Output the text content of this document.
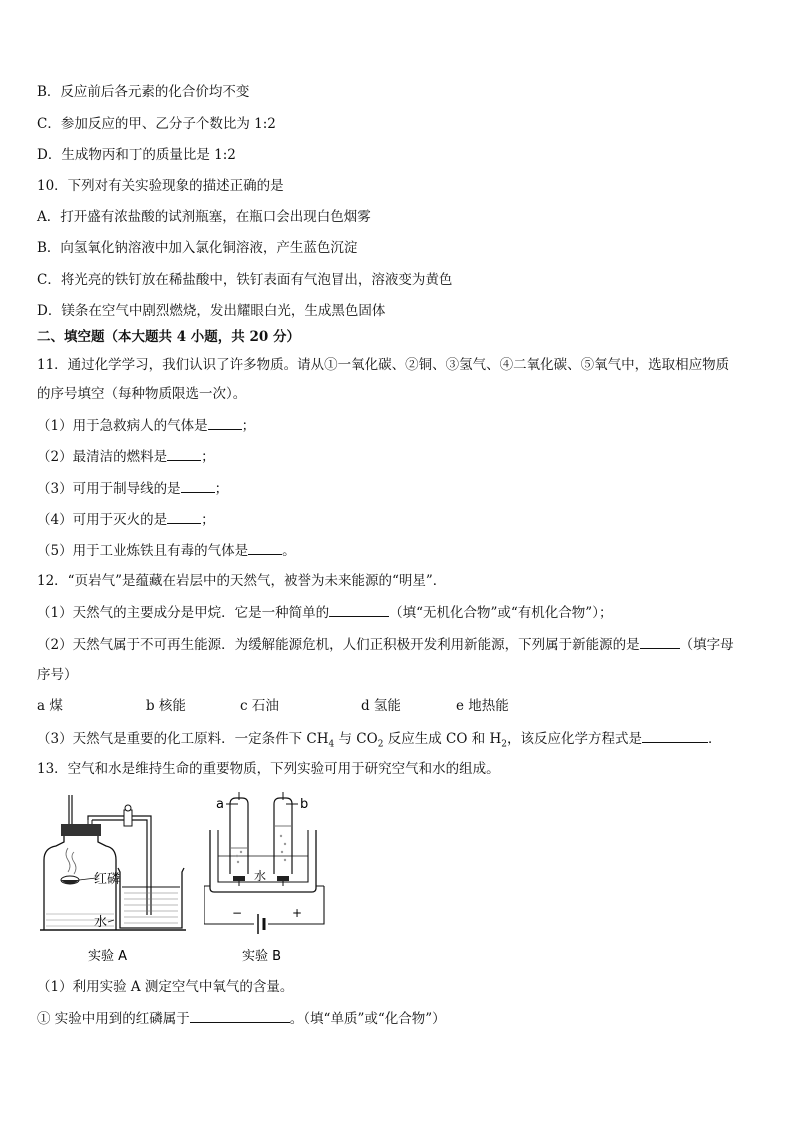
B．反应前后各元素的化合价均不变
C．参加反应的甲、乙分子个数比为 1:2
D．生成物丙和丁的质量比是 1:2
10．下列对有关实验现象的描述正确的是
A．打开盛有浓盐酸的试剂瓶塞，在瓶口会出现白色烟雾
B．向氢氧化钠溶液中加入氯化铜溶液，产生蓝色沉淀
C．将光亮的铁钉放在稀盐酸中，铁钉表面有气泡冒出，溶液变为黄色
D．镁条在空气中剧烈燃烧，发出耀眼白光，生成黑色固体
二、填空题（本大题共 4 小题，共 20 分）
11．通过化学学习，我们认识了许多物质。请从①一氧化碳、②铜、③氢气、④二氧化碳、⑤氧气中，选取相应物质
的序号填空（每种物质限选一次）。
（1）用于急救病人的气体是	；
（2）最清洁的燃料是	；
（3）可用于制导线的是	；
（4）可用于灭火的是	；
（5）用于工业炼铁且有毒的气体是	。
12．“页岩气”是蕴藏在岩层中的天然气，被誉为未来能源的“明星”．
（1）天然气的主要成分是甲烷．它是一种简单的	（填“无机化合物”或“有机化合物”）；
（2）天然气属于不可再生能源．为缓解能源危机，人们正积极开发利用新能源，下列属于新能源的是	（填字母
序号）
a 煤	b 核能	c 石油	d 氢能	e 地热能
（3）天然气是重要的化工原料．一定条件下 $CH_4$ 与 $CO_2$ 反应生成 CO 和 $H_2$，该反应化学方程式是	．
13．空气和水是维持生命的重要物质，下列实验可用于研究空气和水的组成。
红磷
水
实验 A
a	b
水
−	+
实验 B
（1）利用实验 A 测定空气中氧气的含量。
① 实验中用到的红磷属于	。（填“单质”或“化合物”）
